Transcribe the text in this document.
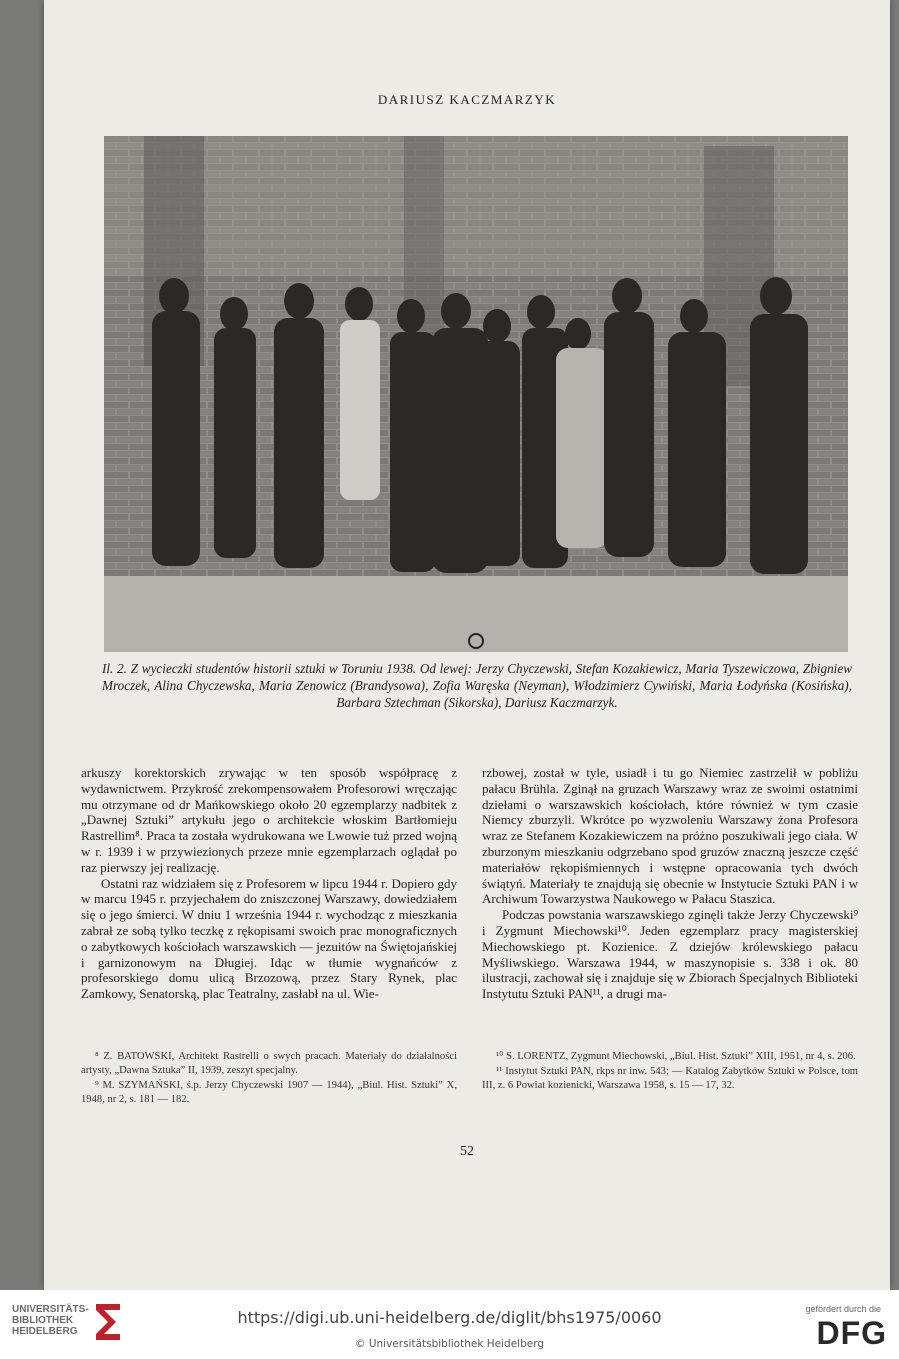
DARIUSZ KACZMARZYK
Il. 2. Z wycieczki studentów historii sztuki w Toruniu 1938. Od lewej: Jerzy Chyczewski, Stefan Kozakiewicz, Maria Tyszewiczowa, Zbigniew Mroczek, Alina Chyczewska, Maria Zenowicz (Brandysowa), Zofia Waręska (Neyman), Włodzimierz Cywiński, Maria Łodyńska (Kosińska), Barbara Sztechman (Sikorska), Dariusz Kaczmarzyk.

arkuszy korektorskich zrywając w ten sposób współpracę z wydawnictwem. Przykrość zrekompensowałem Profesorowi wręczając mu otrzymane od dr Mańkowskiego około 20 egzemplarzy nadbitek z „Dawnej Sztuki” artykułu jego o architekcie włoskim Bartłomieju Rastrellim⁸. Praca ta została wydrukowana we Lwowie tuż przed wojną w r. 1939 i w przywiezionych przeze mnie egzemplarzach oglądał po raz pierwszy jej realizację.

Ostatni raz widziałem się z Profesorem w lipcu 1944 r. Dopiero gdy w marcu 1945 r. przyjechałem do zniszczonej Warszawy, dowiedziałem się o jego śmierci. W dniu 1 września 1944 r. wychodząc z mieszkania zabrał ze sobą tylko teczkę z rękopisami swoich prac monograficznych o zabytkowych kościołach warszawskich — jezuitów na Świętojańskiej i garnizonowym na Długiej. Idąc w tłumie wygnańców z profesorskiego domu ulicą Brzozową, przez Stary Rynek, plac Zamkowy, Senatorską, plac Teatralny, zasłabł na ul. Wie-

rzbowej, został w tyle, usiadł i tu go Niemiec zastrzelił w pobliżu pałacu Brühla. Zginął na gruzach Warszawy wraz ze swoimi ostatnimi dziełami o warszawskich kościołach, które również w tym czasie Niemcy zburzyli. Wkrótce po wyzwoleniu Warszawy żona Profesora wraz ze Stefanem Kozakiewiczem na próżno poszukiwali jego ciała. W zburzonym mieszkaniu odgrzebano spod gruzów znaczną jeszcze część materiałów rękopiśmiennych i wstępne opracowania tych dwóch świątyń. Materiały te znajdują się obecnie w Instytucie Sztuki PAN i w Archiwum Towarzystwa Naukowego w Pałacu Staszica.

Podczas powstania warszawskiego zginęli także Jerzy Chyczewski⁹ i Zygmunt Miechowski¹⁰. Jeden egzemplarz pracy magisterskiej Miechowskiego pt. Kozienice. Z dziejów królewskiego pałacu Myśliwskiego. Warszawa 1944, w maszynopisie s. 338 i ok. 80 ilustracji, zachował się i znajduje się w Zbiorach Specjalnych Biblioteki Instytutu Sztuki PAN¹¹, a drugi ma-

⁸ Z. BATOWSKI, Architekt Rastrelli o swych pracach. Materiały do działalności artysty, „Dawna Sztuka” II, 1939, zeszyt specjalny.

⁹ M. SZYMAŃSKI, ś.p. Jerzy Chyczewski 1907 — 1944), „Biul. Hist. Sztuki” X, 1948, nr 2, s. 181 — 182.

¹⁰ S. LORENTZ, Zygmunt Miechowski, „Biul. Hist. Sztuki” XIII, 1951, nr 4, s. 206.

¹¹ Instytut Sztuki PAN, rkps nr inw. 543; — Katalog Zabytków Sztuki w Polsce, tom III, z. 6 Powiat kozienicki, Warszawa 1958, s. 15 — 17, 32.

52
UNIVERSITÄTS-
BIBLIOTHEK
HEIDELBERG
https://digi.ub.uni-heidelberg.de/diglit/bhs1975/0060
© Universitätsbibliothek Heidelberg
gefördert durch die
DFG
